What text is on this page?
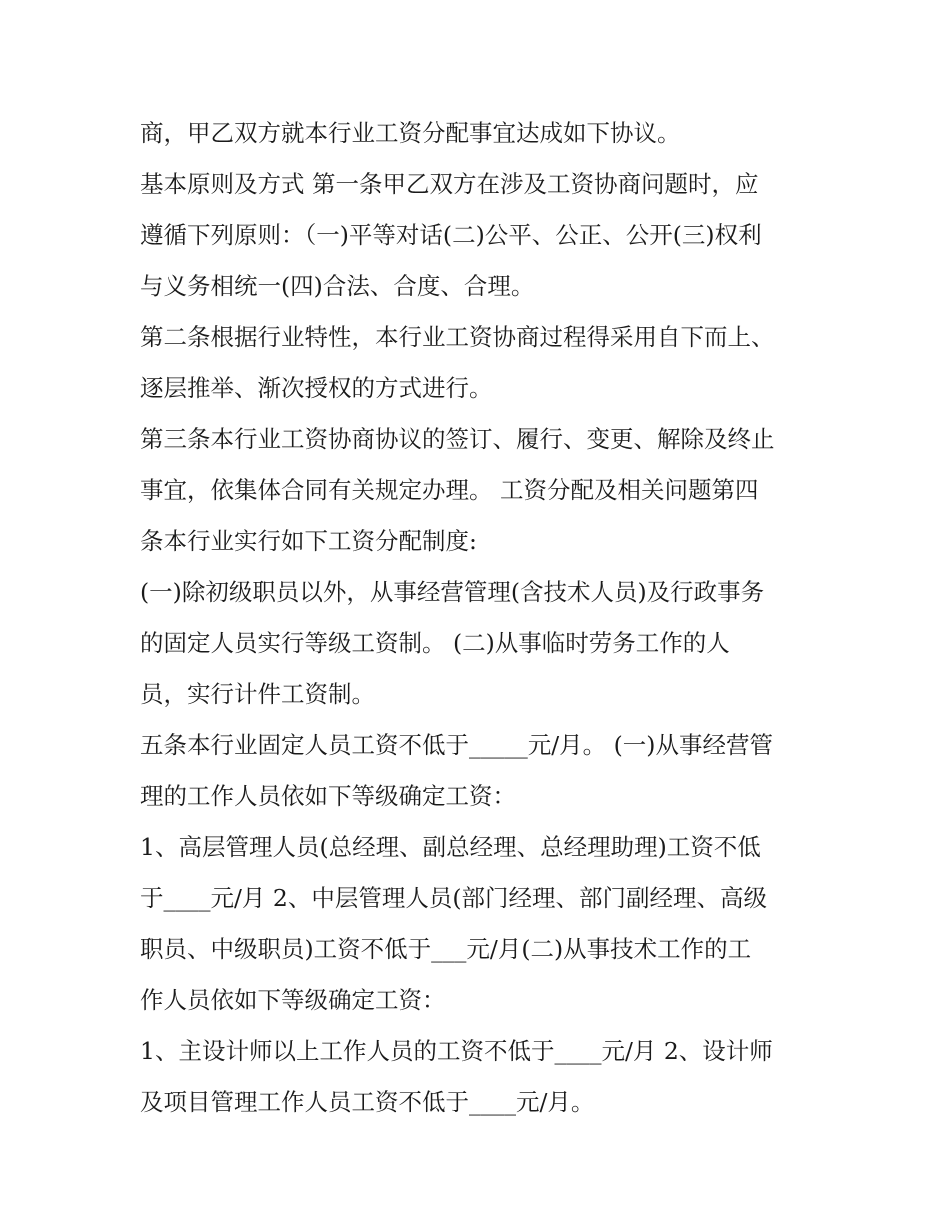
商，甲乙双方就本行业工资分配事宜达成如下协议。
基本原则及方式 第一条甲乙双方在涉及工资协商问题时，应
遵循下列原则：（一)平等对话(二)公平、公正、公开(三)权利
与义务相统一(四)合法、合度、合理。
第二条根据行业特性，本行业工资协商过程得采用自下而上、
逐层推举、渐次授权的方式进行。
第三条本行业工资协商协议的签订、履行、变更、解除及终止
事宜，依集体合同有关规定办理。 工资分配及相关问题第四
条本行业实行如下工资分配制度:
(一)除初级职员以外，从事经营管理(含技术人员)及行政事务
的固定人员实行等级工资制。 (二)从事临时劳务工作的人
员，实行计件工资制。
五条本行业固定人员工资不低于_____元/月。 (一)从事经营管
理的工作人员依如下等级确定工资：
1、高层管理人员(总经理、副总经理、总经理助理)工资不低
于____元/月 2、中层管理人员(部门经理、部门副经理、高级
职员、中级职员)工资不低于___元/月(二)从事技术工作的工
作人员依如下等级确定工资：
1、主设计师以上工作人员的工资不低于____元/月 2、设计师
及项目管理工作人员工资不低于____元/月。
